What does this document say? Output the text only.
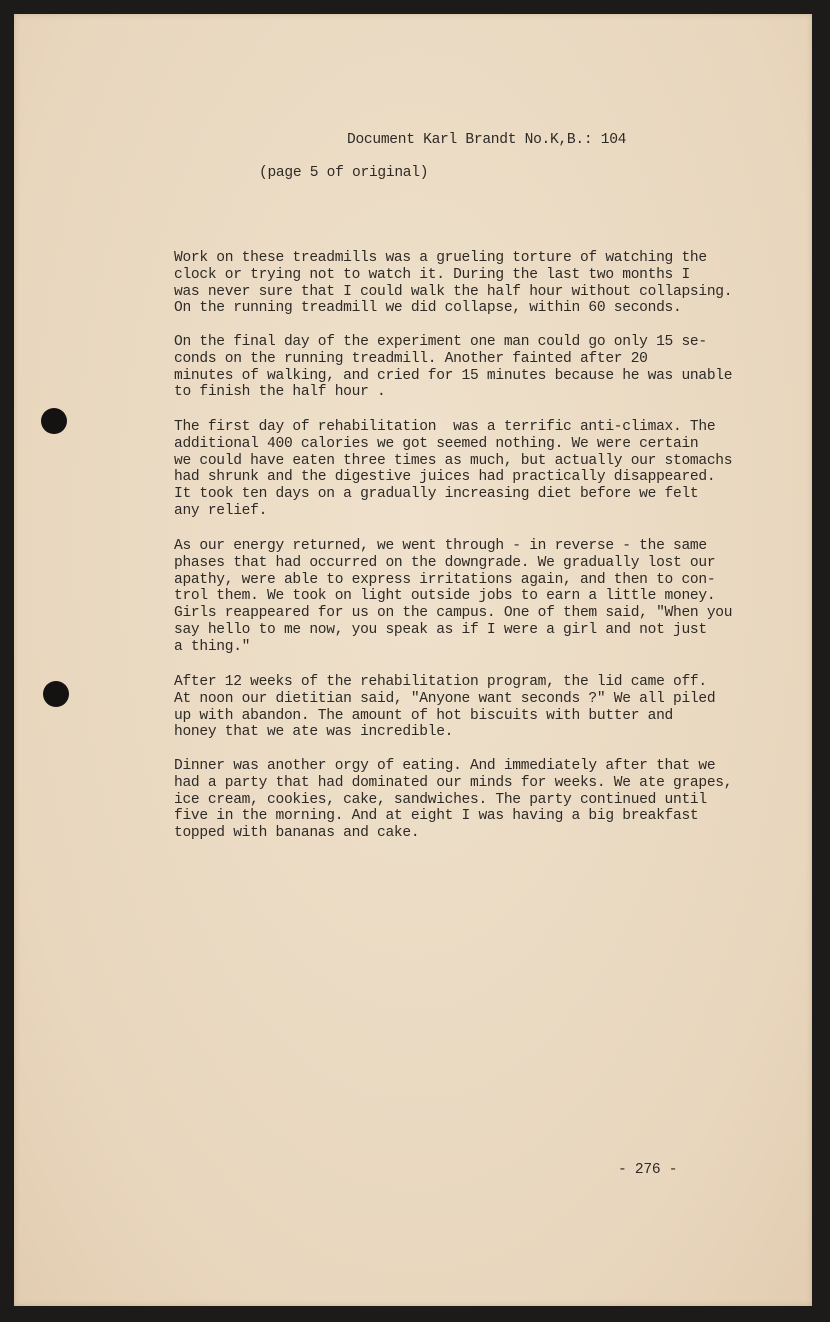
Document Karl Brandt No.K,B.: 104
(page 5 of original)
Work on these treadmills was a grueling torture of watching the
clock or trying not to watch it. During the last two months I
was never sure that I could walk the half hour without collapsing.
On the running treadmill we did collapse, within 60 seconds.
On the final day of the experiment one man could go only 15 se-
conds on the running treadmill. Another fainted after 20
minutes of walking, and cried for 15 minutes because he was unable
to finish the half hour .
The first day of rehabilitation  was a terrific anti-climax. The
additional 400 calories we got seemed nothing. We were certain
we could have eaten three times as much, but actually our stomachs
had shrunk and the digestive juices had practically disappeared.
It took ten days on a gradually increasing diet before we felt
any relief.
As our energy returned, we went through - in reverse - the same
phases that had occurred on the downgrade. We gradually lost our
apathy, were able to express irritations again, and then to con-
trol them. We took on light outside jobs to earn a little money.
Girls reappeared for us on the campus. One of them said, "When you
say hello to me now, you speak as if I were a girl and not just
a thing."
After 12 weeks of the rehabilitation program, the lid came off.
At noon our dietitian said, "Anyone want seconds ?" We all piled
up with abandon. The amount of hot biscuits with butter and
honey that we ate was incredible.
Dinner was another orgy of eating. And immediately after that we
had a party that had dominated our minds for weeks. We ate grapes,
ice cream, cookies, cake, sandwiches. The party continued until
five in the morning. And at eight I was having a big breakfast
topped with bananas and cake.
- 276 -
